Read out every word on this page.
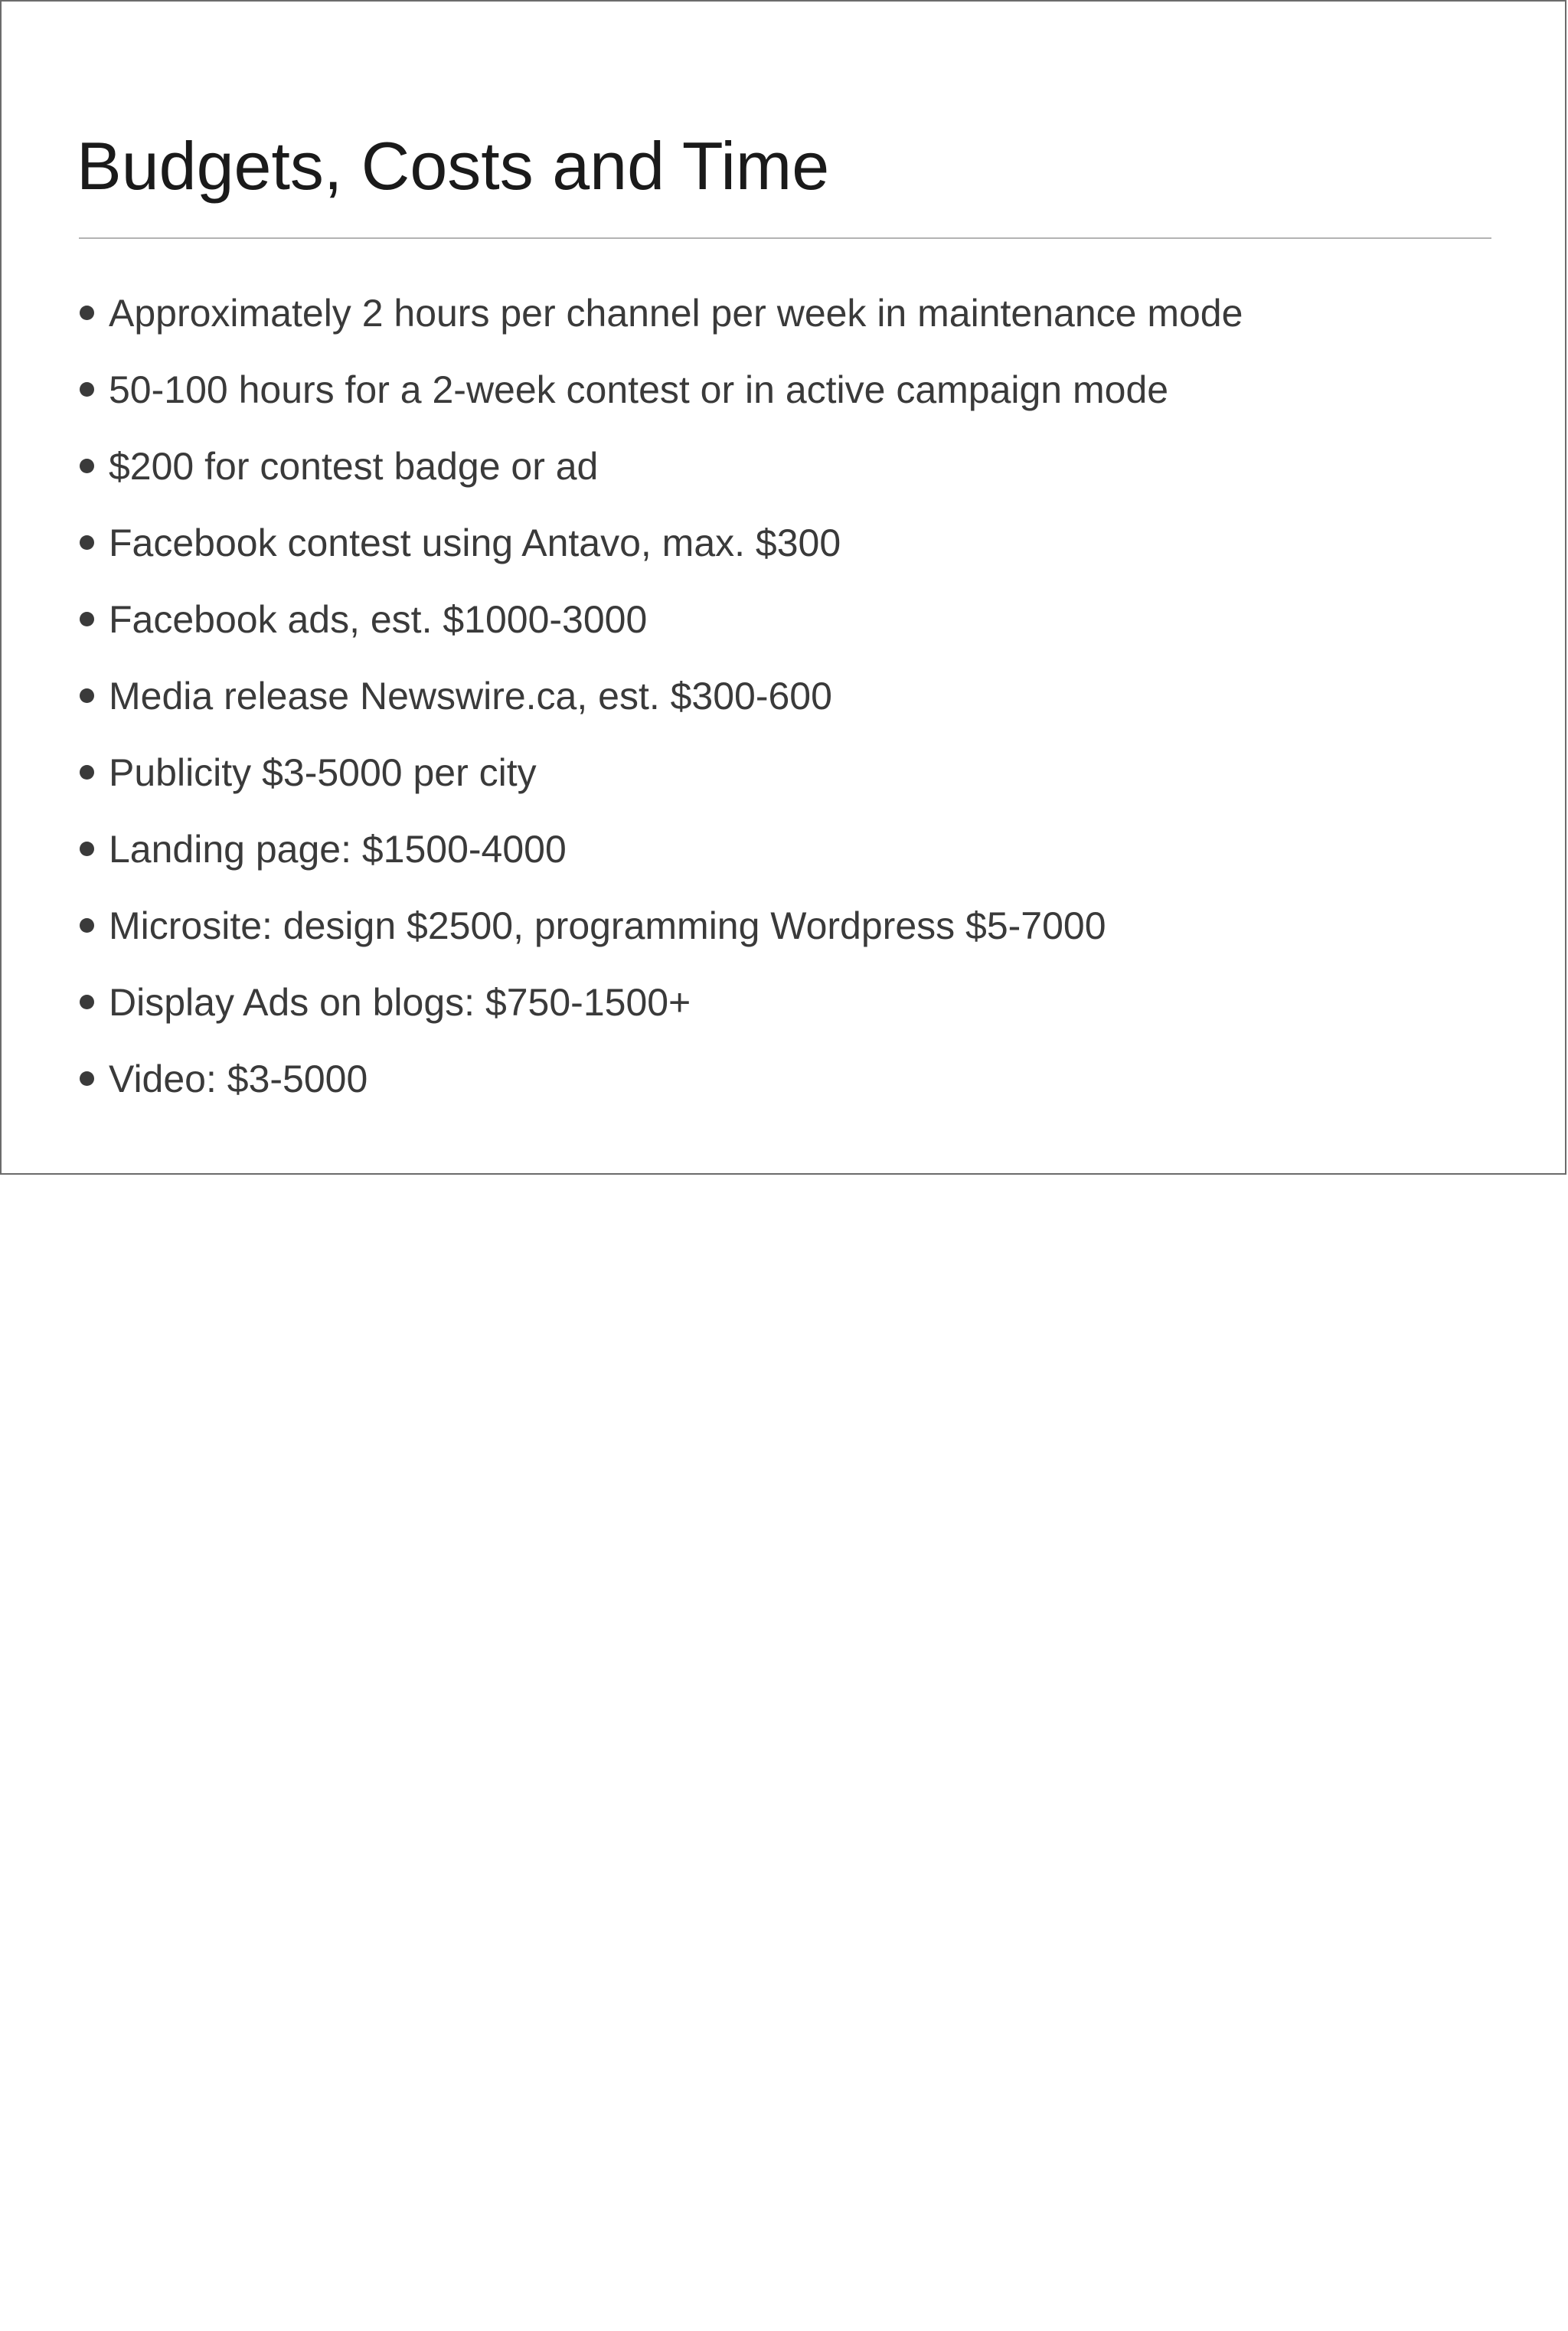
Budgets, Costs and Time
Approximately 2 hours per channel per week in maintenance mode
50-100 hours for a 2-week contest or in active campaign mode
$200 for contest badge or ad
Facebook contest using Antavo, max. $300
Facebook ads, est. $1000-3000
Media release Newswire.ca, est. $300-600
Publicity $3-5000 per city
Landing page: $1500-4000
Microsite: design $2500, programming Wordpress $5-7000
Display Ads on blogs: $750-1500+
Video: $3-5000
